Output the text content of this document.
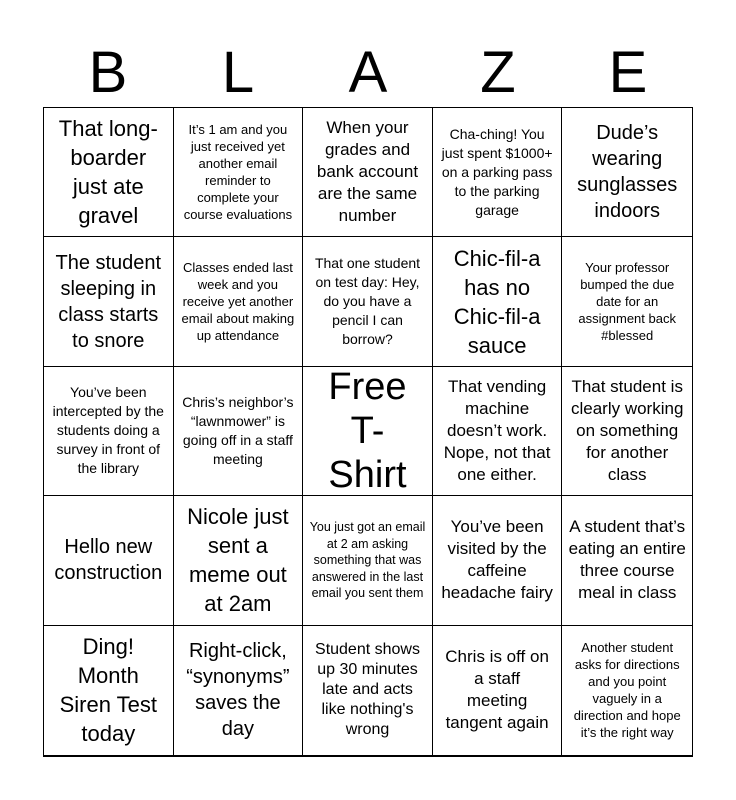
B	L	A	Z	E
That long-boarder just ate gravel
It’s 1 am and you just received yet another email reminder to complete your course evaluations
When your grades and bank account are the same number
Cha-ching! You just spent $1000+ on a parking pass to the parking garage
Dude’s wearing sunglasses indoors
The student sleeping in class starts to snore
Classes ended last week and you receive yet another email about making up attendance
That one student on test day: Hey, do you have a pencil I can borrow?
Chic-fil-a has no Chic-fil-a sauce
Your professor bumped the due date for an assignment back #blessed
You’ve been intercepted by the students doing a survey in front of the library
Chris’s neighbor’s “lawnmower” is going off in a staff meeting
Free T-Shirt
That vending machine doesn’t work. Nope, not that one either.
That student is clearly working on something for another class
Hello new construction
Nicole just sent a meme out at 2am
You just got an email at 2 am asking something that was answered in the last email you sent them
You’ve been visited by the caffeine headache fairy
A student that’s eating an entire three course meal in class
Ding! Month Siren Test today
Right-click, “synonyms” saves the day
Student shows up 30 minutes late and acts like nothing's wrong
Chris is off on a staff meeting tangent again
Another student asks for directions and you point vaguely in a direction and hope it’s the right way
